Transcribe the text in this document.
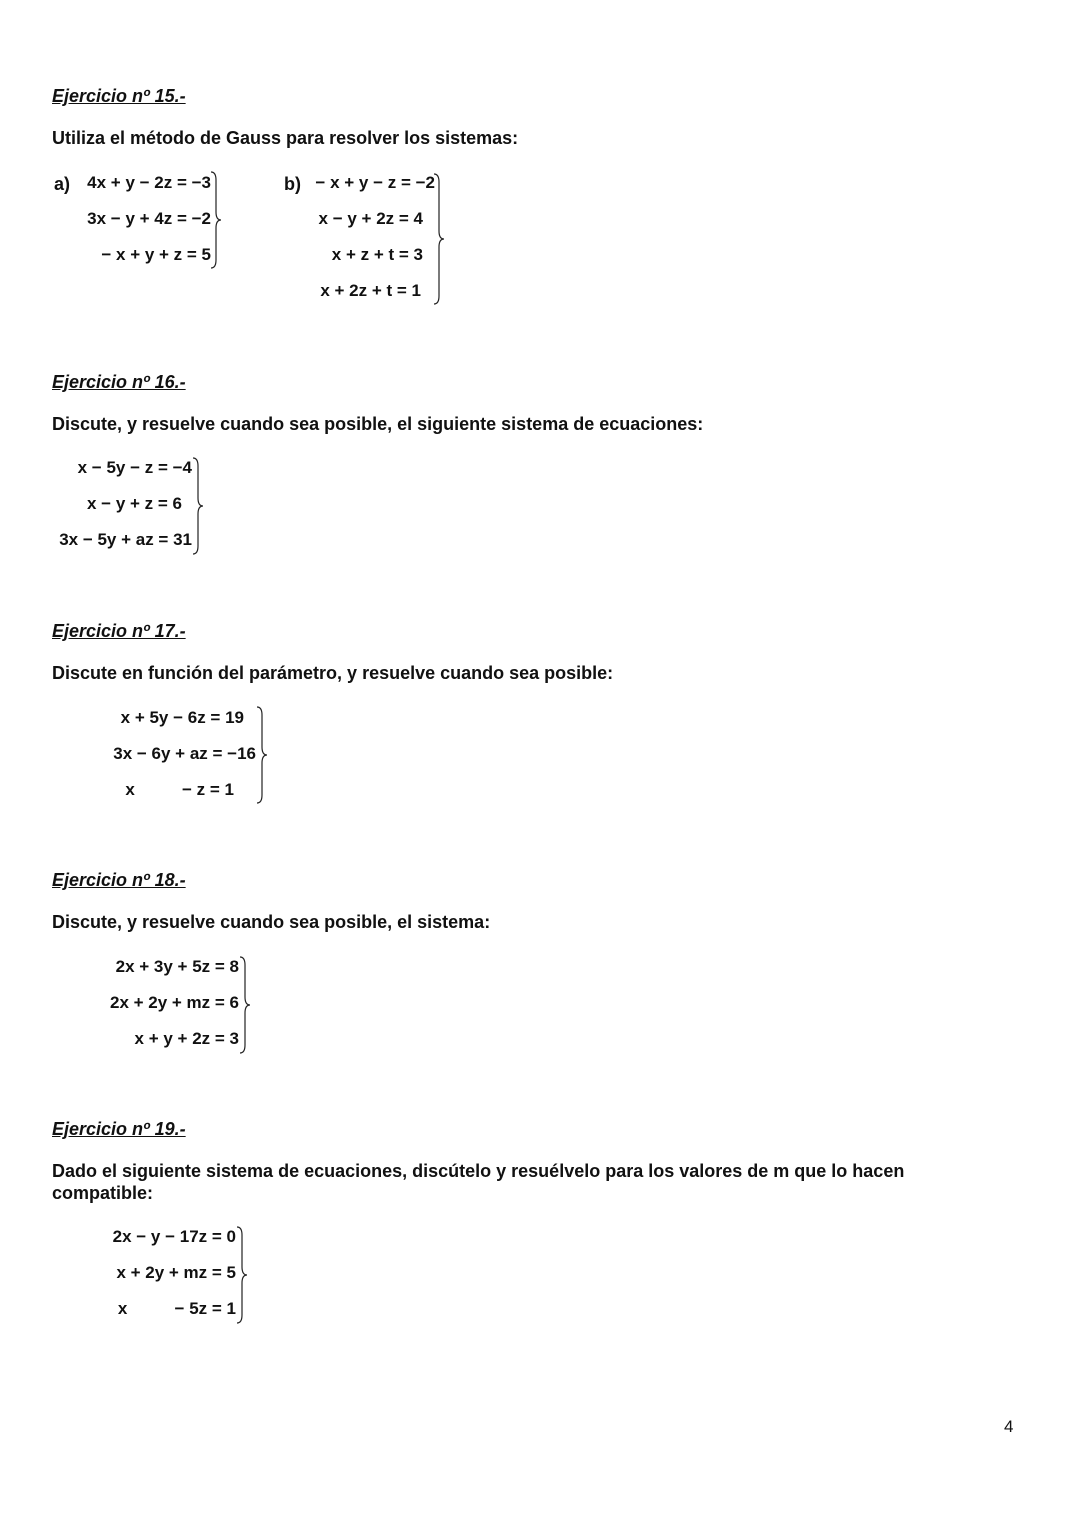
Ejercicio nº 15.-
Utiliza el método de Gauss para resolver los sistemas:
a)	4x + y − 2z = −3
3x − y + 4z = −2
− x + y + z = 5
b) − x + y − z = −2
x − y + 2z = 4
x + z + t = 3
x + 2z + t = 1
Ejercicio nº 16.-
Discute, y resuelve cuando sea posible, el siguiente sistema de ecuaciones:
x − 5y − z = −4
x − y + z = 6
3x − 5y + az = 31
Ejercicio nº 17.-
Discute en función del parámetro, y resuelve cuando sea posible:
x + 5y − 6z = 19
3x − 6y + az = −16
x          − z = 1
Ejercicio nº 18.-
Discute, y resuelve cuando sea posible, el sistema:
2x + 3y + 5z = 8
2x + 2y + mz = 6
x + y + 2z = 3
Ejercicio nº 19.-
Dado el siguiente sistema de ecuaciones, discútelo y resuélvelo para los valores de m que lo hacen
compatible:
2x − y − 17z = 0
x + 2y + mz = 5
x          − 5z = 1
4
